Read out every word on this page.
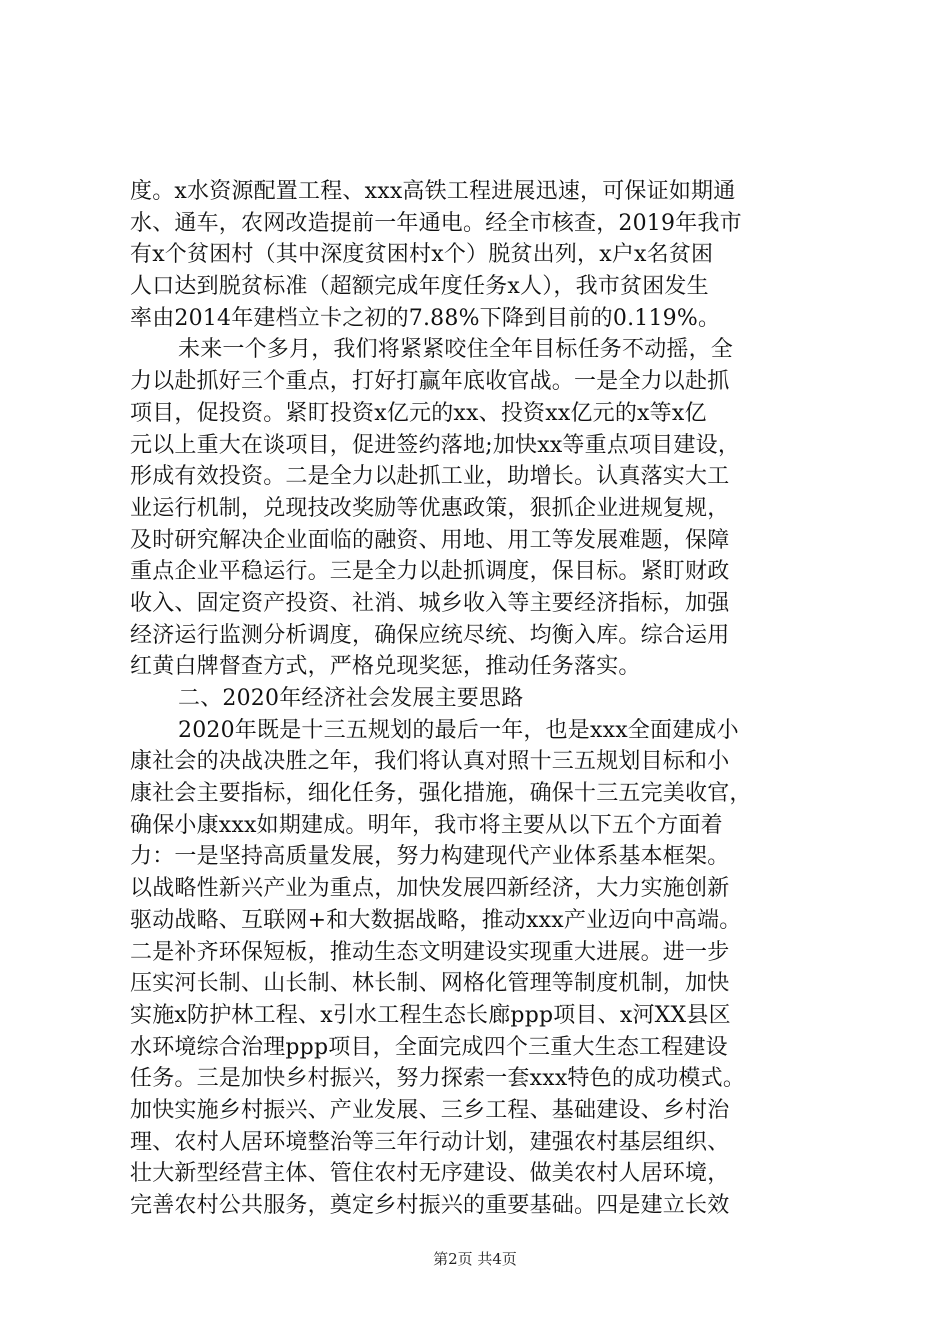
度。x水资源配置工程、xxx高铁工程进展迅速，可保证如期通
水、通车，农网改造提前一年通电。经全市核查，2019年我市
有x个贫困村（其中深度贫困村x个）脱贫出列，x户x名贫困
人口达到脱贫标准（超额完成年度任务x人），我市贫困发生
率由2014年建档立卡之初的7.88%下降到目前的0.119%。
未来一个多月，我们将紧紧咬住全年目标任务不动摇，全
力以赴抓好三个重点，打好打赢年底收官战。一是全力以赴抓
项目，促投资。紧盯投资x亿元的xx、投资xx亿元的x等x亿
元以上重大在谈项目，促进签约落地;加快xx等重点项目建设，
形成有效投资。二是全力以赴抓工业，助增长。认真落实大工
业运行机制，兑现技改奖励等优惠政策，狠抓企业进规复规，
及时研究解决企业面临的融资、用地、用工等发展难题，保障
重点企业平稳运行。三是全力以赴抓调度，保目标。紧盯财政
收入、固定资产投资、社消、城乡收入等主要经济指标，加强
经济运行监测分析调度，确保应统尽统、均衡入库。综合运用
红黄白牌督查方式，严格兑现奖惩，推动任务落实。
二、2020年经济社会发展主要思路
2020年既是十三五规划的最后一年，也是xxx全面建成小
康社会的决战决胜之年，我们将认真对照十三五规划目标和小
康社会主要指标，细化任务，强化措施，确保十三五完美收官，
确保小康xxx如期建成。明年，我市将主要从以下五个方面着
力：一是坚持高质量发展，努力构建现代产业体系基本框架。
以战略性新兴产业为重点，加快发展四新经济，大力实施创新
驱动战略、互联网+和大数据战略，推动xxx产业迈向中高端。
二是补齐环保短板，推动生态文明建设实现重大进展。进一步
压实河长制、山长制、林长制、网格化管理等制度机制，加快
实施x防护林工程、x引水工程生态长廊ppp项目、x河XX县区
水环境综合治理ppp项目，全面完成四个三重大生态工程建设
任务。三是加快乡村振兴，努力探索一套xxx特色的成功模式。
加快实施乡村振兴、产业发展、三乡工程、基础建设、乡村治
理、农村人居环境整治等三年行动计划，建强农村基层组织、
壮大新型经营主体、管住农村无序建设、做美农村人居环境，
完善农村公共服务，奠定乡村振兴的重要基础。四是建立长效
第2页 共4页
